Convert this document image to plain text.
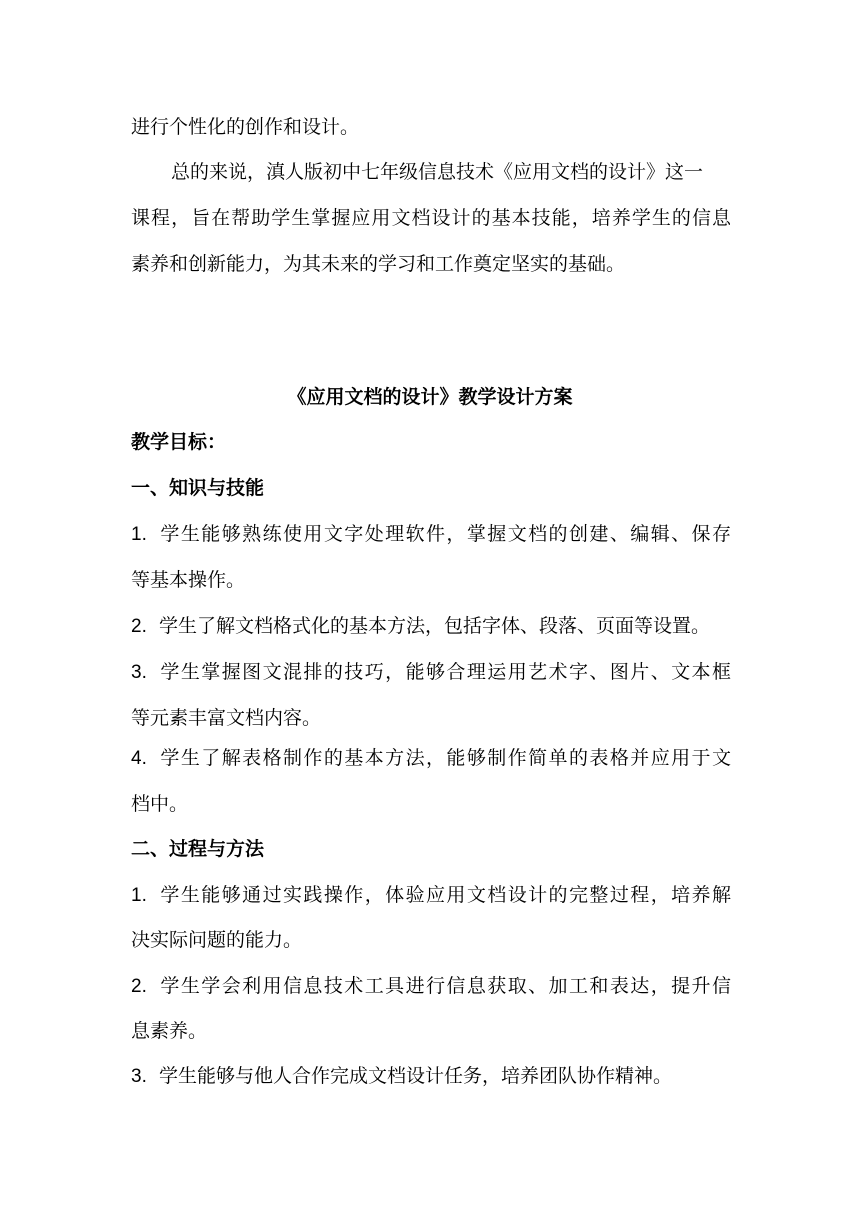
进行个性化的创作和设计。

总的来说，滇人版初中七年级信息技术《应用文档的设计》这一

课程，旨在帮助学生掌握应用文档设计的基本技能，培养学生的信息

素养和创新能力，为其未来的学习和工作奠定坚实的基础。

《应用文档的设计》教学设计方案

教学目标：

一、知识与技能

1. 学生能够熟练使用文字处理软件，掌握文档的创建、编辑、保存

等基本操作。

2. 学生了解文档格式化的基本方法，包括字体、段落、页面等设置。

3. 学生掌握图文混排的技巧，能够合理运用艺术字、图片、文本框

等元素丰富文档内容。

4. 学生了解表格制作的基本方法，能够制作简单的表格并应用于文

档中。

二、过程与方法

1. 学生能够通过实践操作，体验应用文档设计的完整过程，培养解

决实际问题的能力。

2. 学生学会利用信息技术工具进行信息获取、加工和表达，提升信

息素养。

3. 学生能够与他人合作完成文档设计任务，培养团队协作精神。
